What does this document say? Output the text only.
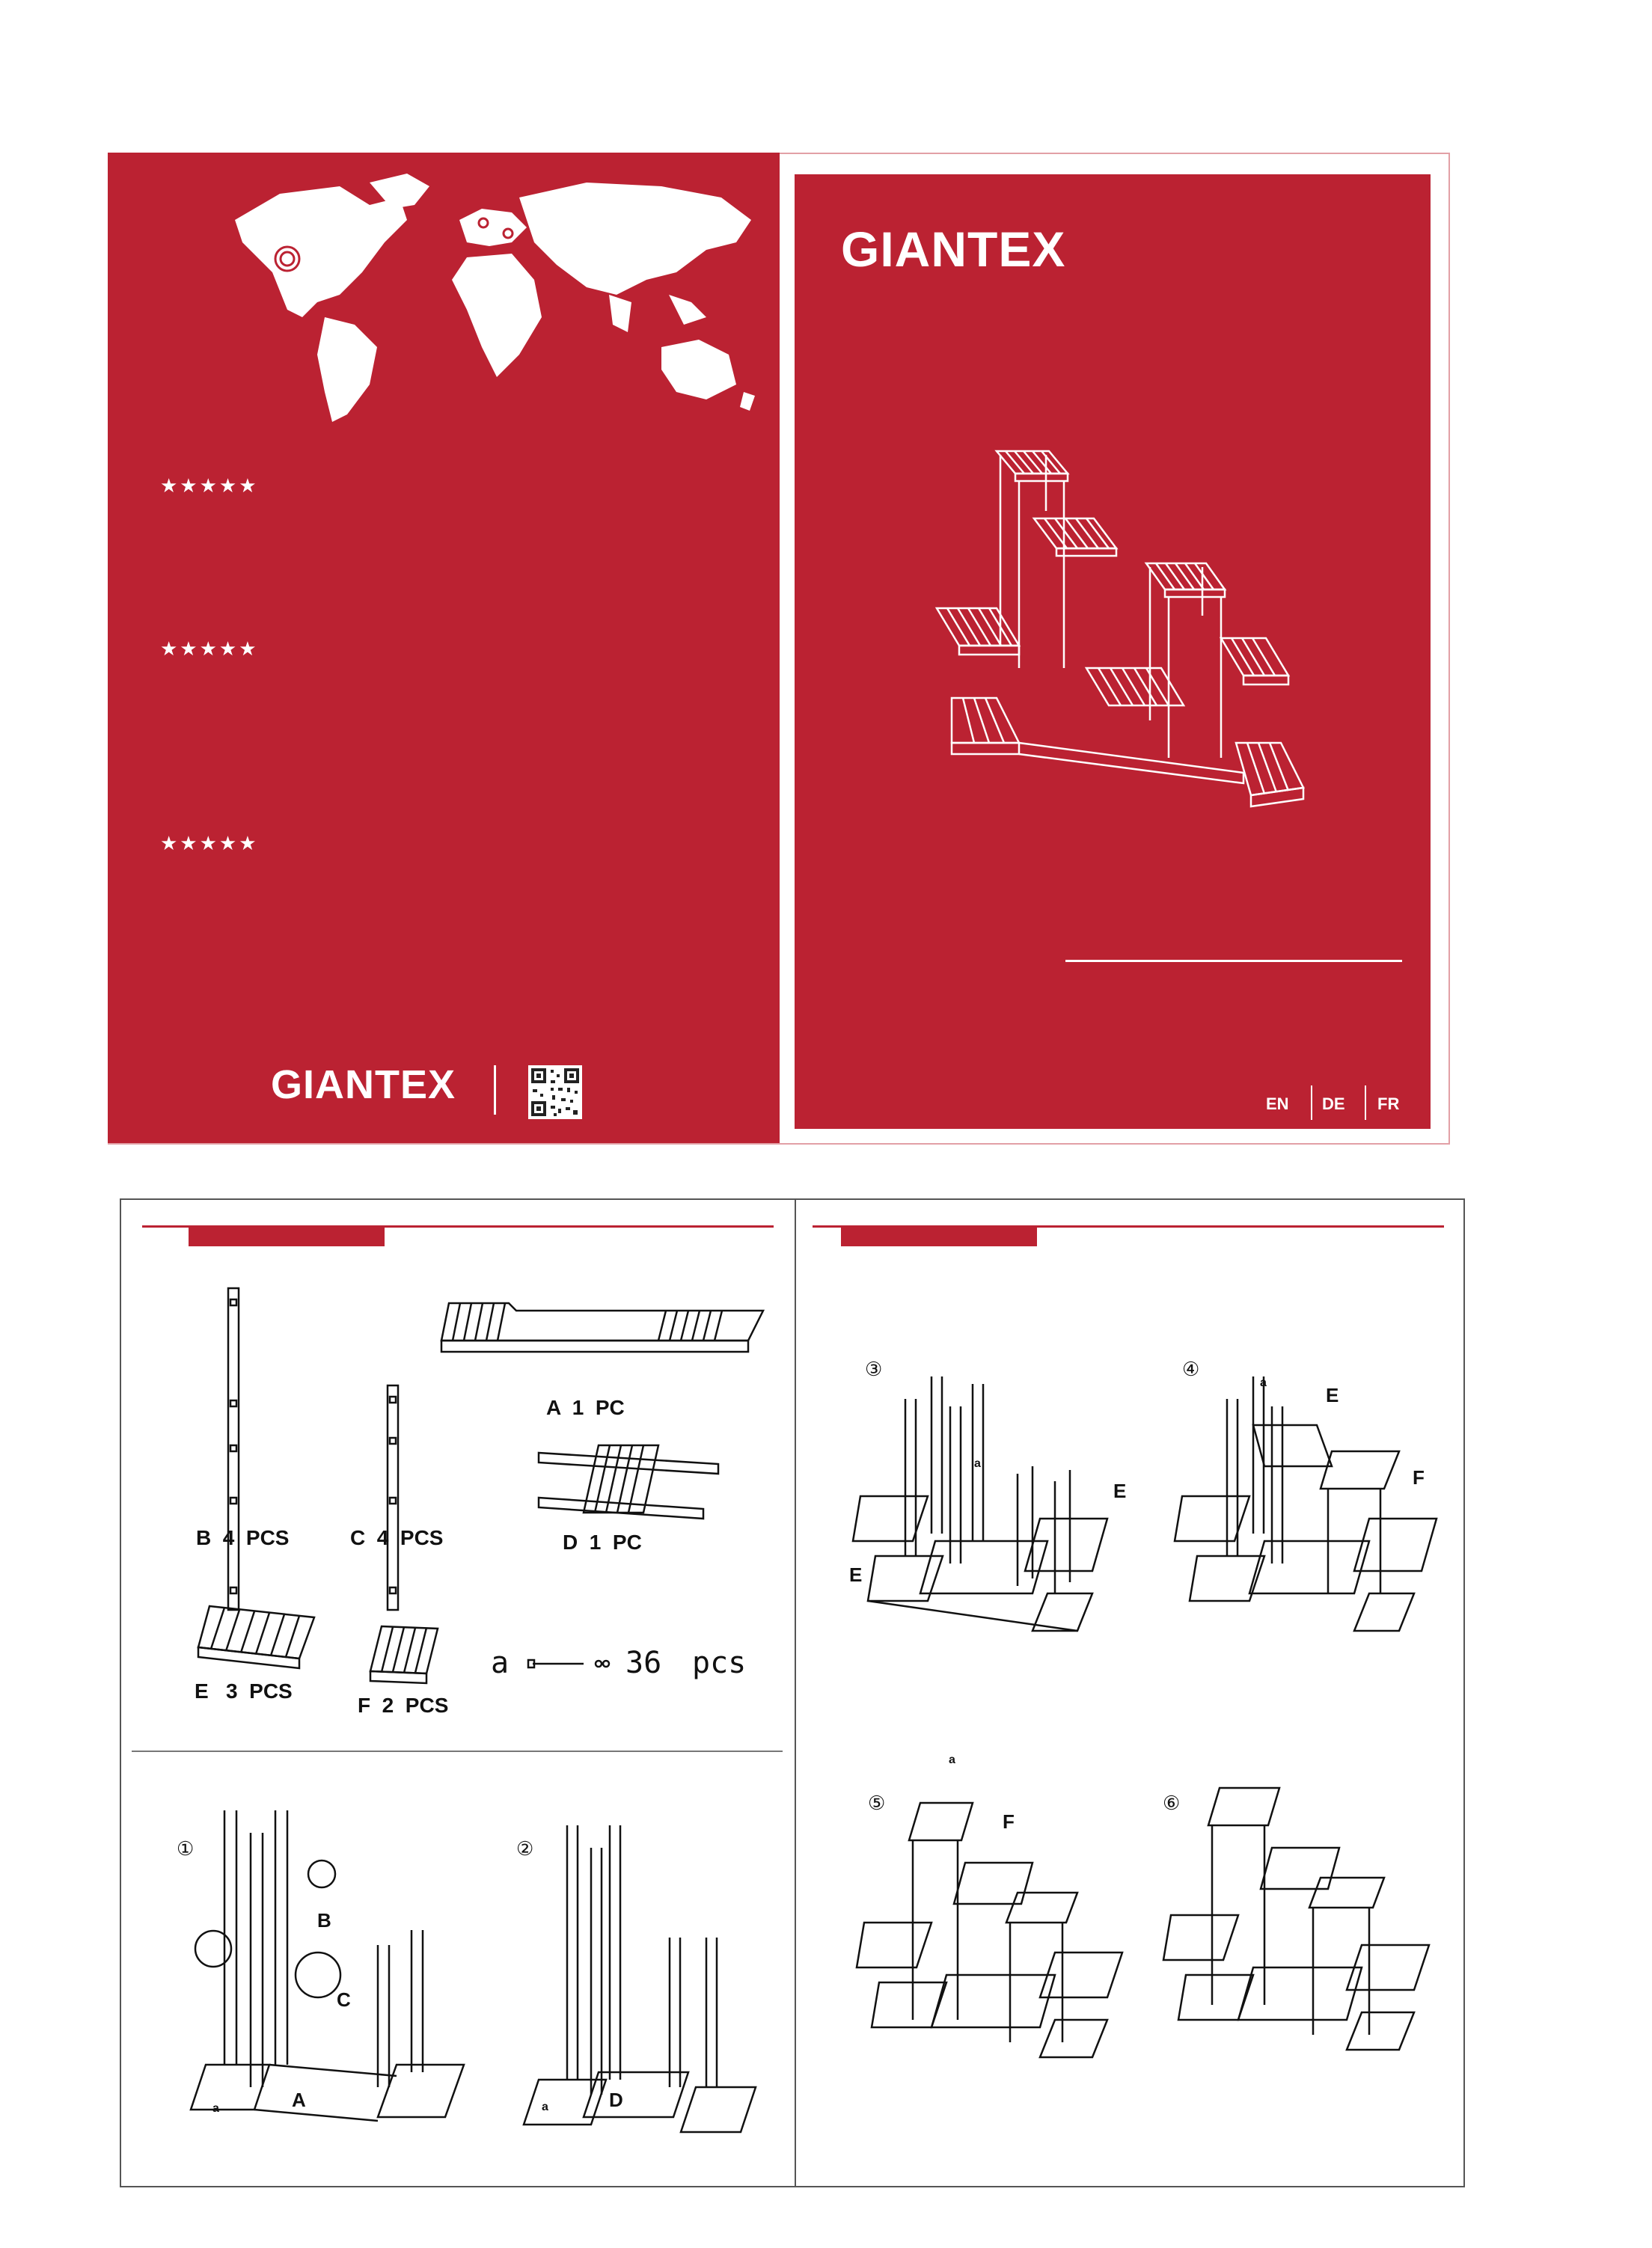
★★★★★
★★★★★
★★★★★
GIANTEX
GIANTEX
EN DE FR
A  1  PC
B  4  PCS	C  4  PCS	D  1  PC
E   3  PCS
F  2  PCS
a	36 pcs
①	②
③	④
⑤	⑥
B
C
A
a	D
a
E
E
a
E
F
a
F
a
